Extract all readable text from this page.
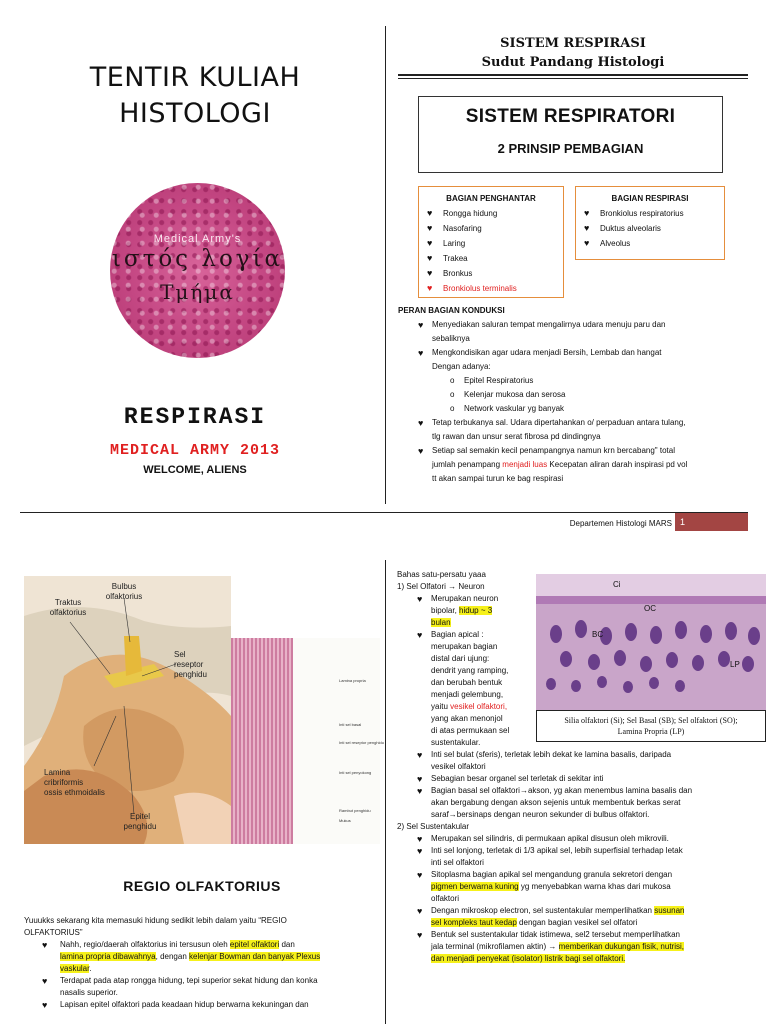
TENTIR KULIAH
HISTOLOGI
Medical Army's
ιστός λογία
Τμήμα
RESPIRASI
MEDICAL ARMY 2013
WELCOME, ALIENS
SISTEM RESPIRASI
Sudut Pandang Histologi
SISTEM RESPIRATORI
2 PRINSIP PEMBAGIAN
BAGIAN PENGHANTAR
♥ Rongga hidung
♥ Nasofaring
♥ Laring
♥ Trakea
♥ Bronkus
♥ Bronkiolus terminalis
BAGIAN RESPIRASI
♥ Bronkiolus respiratorius
♥ Duktus alveolaris
♥ Alveolus
PERAN BAGIAN KONDUKSI
♥ Menyediakan saluran tempat mengalirnya udara menuju paru dan
sebaliknya
♥ Mengkondisikan agar udara menjadi Bersih, Lembab dan hangat
Dengan adanya:
o Epitel Respiratorius
o Kelenjar mukosa dan serosa
o Network vaskular yg banyak
♥ Tetap terbukanya sal. Udara dipertahankan o/ perpaduan antara tulang,
tlg rawan dan unsur serat fibrosa pd dindingnya
♥ Setiap sal semakin kecil penampangnya namun krn bercabang" total
jumlah penampang menjadi luas Kecepatan aliran darah inspirasi pd vol
tt akan sampai turun ke bag respirasi
Departemen Histologi MARS 1
Bulbus
olfaktorius
Traktus
olfaktorius
Sel
reseptor
penghidu
Lamina
cribriformis
ossis ethmoidalis
Epitel
penghidu
Lamina propria
Inti sel basal
Inti sel reseptor penghidu
Inti sel penyokong
Rambut penghidu
Mukus
REGIO OLFAKTORIUS
Yuuukks sekarang kita memasuki hidung sedikit lebih dalam yaitu “REGIO
OLFAKTORIUS”
♥ Nahh, regio/daerah olfaktorius ini tersusun oleh epitel olfaktori dan
lamina propria dibawahnya, dengan kelenjar Bowman dan banyak Plexus
vaskular.
♥ Terdapat pada atap rongga hidung, tepi superior sekat hidung dan konka
nasalis superior.
♥ Lapisan epitel olfaktori pada keadaan hidup berwarna kekuningan dan
Ci
OC
BC
LP
Silia olfaktori (Si); Sel Basal (SB); Sel olfaktori (SO);
Lamina Propria (LP)
Bahas satu-persatu yaaa
1) Sel Olfatori → Neuron
♥ Merupakan neuron
bipolar, hidup ~ 3
bulan
♥ Bagian apical :
merupakan bagian
distal dari ujung:
dendrit yang ramping,
dan berubah bentuk
menjadi gelembung,
yaitu vesikel olfaktori,
yang akan menonjol
di atas permukaan sel sustentakular.
♥ Inti sel bulat (sferis), terletak lebih dekat ke lamina basalis, daripada
vesikel olfaktori
♥ Sebagian besar organel sel terletak di sekitar inti
♥ Bagian basal sel olfaktori→akson, yg akan menembus lamina basalis dan
akan bergabung dengan akson sejenis untuk membentuk berkas serat
saraf→bersinaps dengan neuron sekunder di bulbus olfaktori.
2) Sel Sustentakular
♥ Merupakan sel silindris, di permukaan apikal disusun oleh mikrovili.
♥ Inti sel lonjong, terletak di 1/3 apikal sel, lebih superfisial terhadap letak
inti sel olfaktori
♥ Sitoplasma bagian apikal sel mengandung granula sekretori dengan
pigmen berwarna kuning yg menyebabkan warna khas dari mukosa
olfaktori
♥ Dengan mikroskop electron, sel sustentakular memperlihatkan susunan
sel kompleks taut kedap dengan bagian vesikel sel olfatori
♥ Bentuk sel sustentakular tidak istimewa, sel2 tersebut memperlihatkan
jala terminal (mikrofilamen aktin) → memberikan dukungan fisik, nutrisi,
dan menjadi penyekat (isolator) listrik bagi sel olfaktori.
